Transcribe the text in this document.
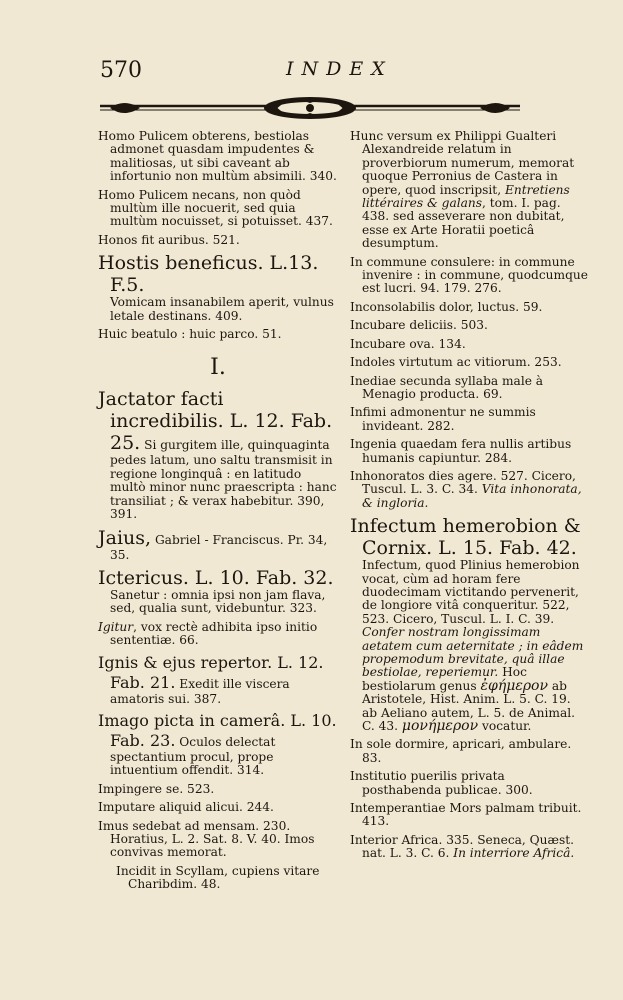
570	INDEX
Homo Pulicem obterens, bestiolas admonet quasdam impudentes & malitiosas, ut sibi caveant ab infortunio non multùm absimili. 340.
Homo Pulicem necans, non quòd multùm ille nocuerit, sed quia multùm nocuisset, si potuisset. 437.
Honos fit auribus. 521.
Hostis beneficus. L.13. F.5.
Vomicam insanabilem aperit, vulnus letale destinans. 409.
Huic beatulo : huic parco. 51.
I.
Jactator facti incredibilis. L. 12. Fab. 25. Si gurgitem ille, quinquaginta pedes latum, uno saltu transmisit in regione longinquâ : en latitudo multò minor nunc praescripta : hanc transiliat ; & verax habebitur. 390, 391.
Jaius, Gabriel - Franciscus. Pr. 34, 35.
Ictericus. L. 10. Fab. 32.
Sanetur : omnia ipsi non jam flava, sed, qualia sunt, videbuntur. 323.
Igitur, vox rectè adhibita ipso initio sententiæ. 66.
Ignis & ejus repertor. L. 12. Fab. 21. Exedit ille viscera amatoris sui. 387.
Imago picta in camerâ. L. 10. Fab. 23. Oculos delectat spectantium procul, prope intuentium offendit. 314.
Impingere se. 523.
Imputare aliquid alicui. 244.
Imus sedebat ad mensam. 230. Horatius, L. 2. Sat. 8. V. 40. Imos convivas memorat.
Incidit in Scyllam, cupiens vitare Charibdim. 48.
Hunc versum ex Philippi Gualteri Alexandreide relatum in proverbiorum numerum, memorat quoque Perronius de Castera in opere, quod inscripsit, Entretiens littéraires & galans, tom. I. pag. 438. sed asseverare non dubitat, esse ex Arte Horatii poeticâ desumptum.
In commune consulere: in commune invenire : in commune, quodcumque est lucri. 94. 179. 276.
Inconsolabilis dolor, luctus. 59.
Incubare deliciis. 503.
Incubare ova. 134.
Indoles virtutum ac vitiorum. 253.
Inediae secunda syllaba male à Menagio producta. 69.
Infimi admonentur ne summis invideant. 282.
Ingenia quaedam fera nullis artibus humanis capiuntur. 284.
Inhonoratos dies agere. 527. Cicero, Tuscul. L. 3. C. 34. Vita inhonorata, & ingloria.
Infectum hemerobion & Cornix. L. 15. Fab. 42.
Infectum, quod Plinius hemerobion vocat, cùm ad horam fere duodecimam victitando pervenerit, de longiore vitâ conqueritur. 522, 523. Cicero, Tuscul. L. I. C. 39. Confer nostram longissimam aetatem cum aeternitate ; in eâdem propemodum brevitate, quâ illae bestiolae, reperiemur. Hoc bestiolarum genus ἐφήμερον ab Aristotele, Hist. Anim. L. 5. C. 19. ab Aeliano autem, L. 5. de Animal. C. 43. μονήμερον vocatur.
In sole dormire, apricari, ambulare. 83.
Institutio puerilis privata posthabenda publicae. 300.
Intemperantiae Mors palmam tribuit. 413.
Interior Africa. 335. Seneca, Quæst. nat. L. 3. C. 6. In interriore Africâ.
